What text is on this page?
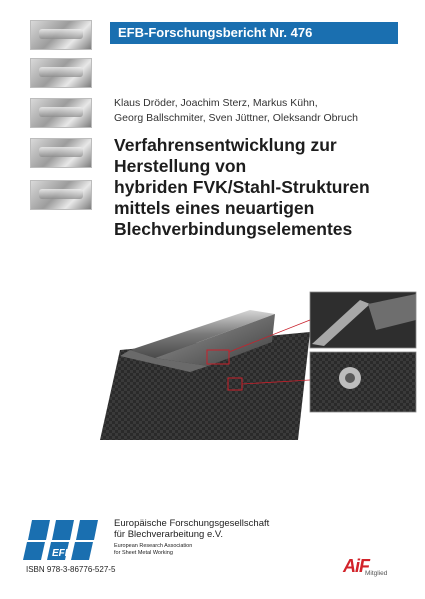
EFB-Forschungsbericht Nr. 476
Klaus Dröder, Joachim Sterz, Markus Kühn,
Georg Ballschmiter, Sven Jüttner, Oleksandr Obruch
Verfahrensentwicklung zur
Herstellung von
hybriden FVK/Stahl-Strukturen
mittels eines neuartigen
Blechverbindungselementes
EFB
Europäische Forschungsgesellschaft
für Blechverarbeitung e.V.
European Research Association
for Sheet Metal Working
ISBN 978-3-86776-527-5	AiF
Mitglied
